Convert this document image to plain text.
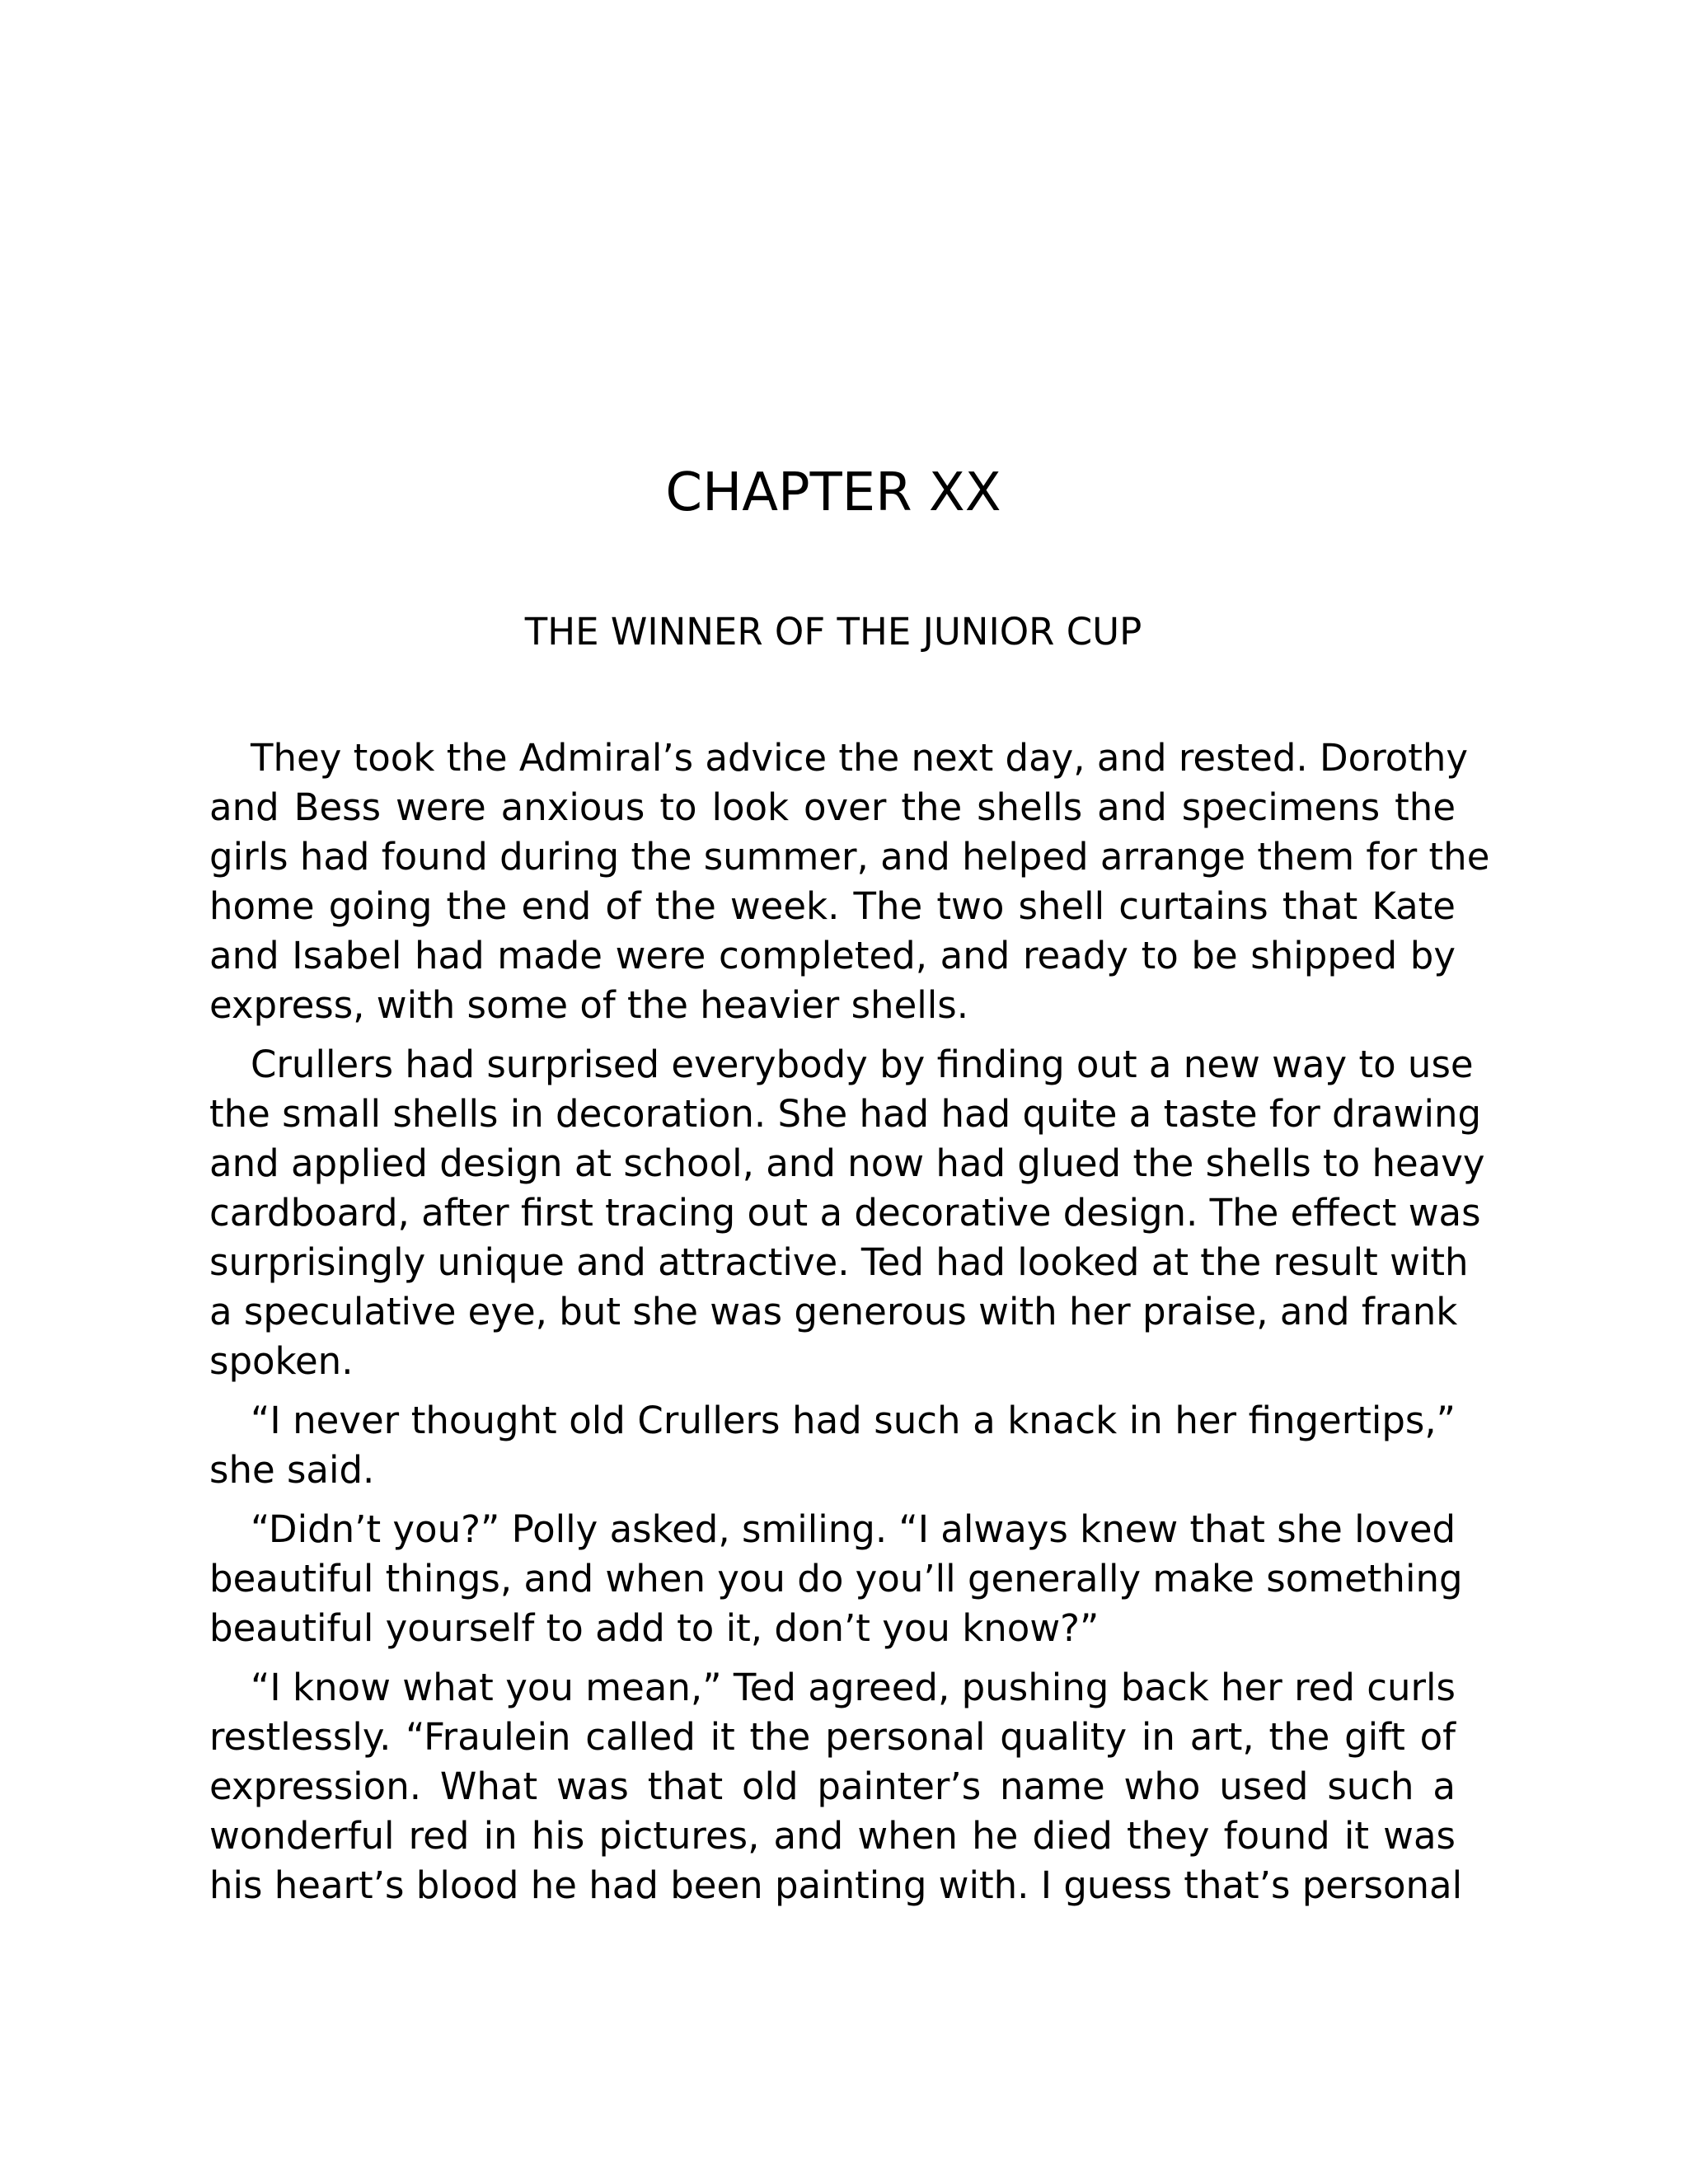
CHAPTER XX
THE WINNER OF THE JUNIOR CUP

They took the Admiral’s advice the next day, and rested. Dorothy
and Bess were anxious to look over the shells and specimens the
girls had found during the summer, and helped arrange them for the
home going the end of the week. The two shell curtains that Kate
and Isabel had made were completed, and ready to be shipped by
express, with some of the heavier shells.

Crullers had surprised everybody by finding out a new way to use
the small shells in decoration. She had had quite a taste for drawing
and applied design at school, and now had glued the shells to heavy
cardboard, after first tracing out a decorative design. The effect was
surprisingly unique and attractive. Ted had looked at the result with
a speculative eye, but she was generous with her praise, and frank
spoken.

“I never thought old Crullers had such a knack in her fingertips,”
she said.

“Didn’t you?” Polly asked, smiling. “I always knew that she loved
beautiful things, and when you do you’ll generally make something
beautiful yourself to add to it, don’t you know?”

“I know what you mean,” Ted agreed, pushing back her red curls
restlessly. “Fraulein called it the personal quality in art, the gift of
expression. What was that old painter’s name who used such a
wonderful red in his pictures, and when he died they found it was
his heart’s blood he had been painting with. I guess that’s personal
